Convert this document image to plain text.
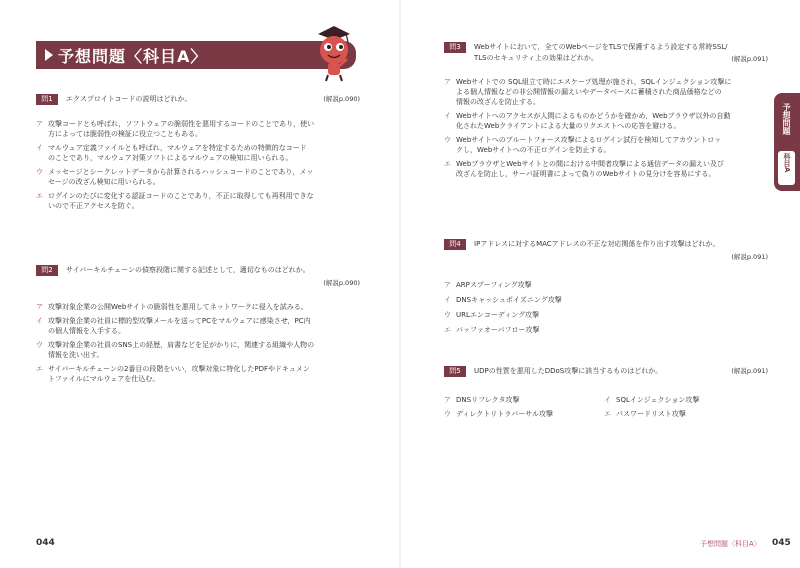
予想問題〈科目A〉
問1	エクスプロイトコードの説明はどれか。	(解説p.090)
ア 攻撃コードとも呼ばれ，ソフトウェアの脆弱性を悪用するコードのことであり，使い
方によっては脆弱性の検証に役立つこともある。
イ マルウェア定義ファイルとも呼ばれ，マルウェアを特定するための特徴的なコード
のことであり，マルウェア対策ソフトによるマルウェアの検知に用いられる。
ウ メッセージとシークレットデータから計算されるハッシュコードのことであり，メッ
セージの改ざん検知に用いられる。
エ ログインのたびに変化する認証コードのことであり，不正に取得しても再利用できな
いので不正アクセスを防ぐ。
問2	サイバーキルチェーンの偵察段階に関する記述として，適切なものはどれか。
(解説p.090)
ア 攻撃対象企業の公開Webサイトの脆弱性を悪用してネットワークに侵入を試みる。
イ 攻撃対象企業の社員に標的型攻撃メールを送ってPCをマルウェアに感染させ，PC内
の個人情報を入手する。
ウ 攻撃対象企業の社員のSNS上の経歴，肩書などを足がかりに，関連する組織や人物の
情報を洗い出す。
エ サイバーキルチェーンの2番目の段階をいい，攻撃対象に特化したPDFやドキュメン
トファイルにマルウェアを仕込む。
044
問3	Webサイトにおいて，全てのWebページをTLSで保護するよう設定する常時SSL/
TLSのセキュリティ上の効果はどれか。	(解説p.091)
ア Webサイトでの SQL組立て時にエスケープ処理が施され，SQLインジェクション攻撃に
よる個人情報などの非公開情報の漏えいやデータベースに蓄積された商品価格などの
情報の改ざんを防止する。
イ Webサイトへのアクセスが人間によるものかどうかを確かめ，Webブラウザ以外の自動
化されたWebクライアントによる大量のリクエストへの応答を避ける。
ウ Webサイトへのブルートフォース攻撃によるログイン試行を検知してアカウントロッ
クし，Webサイトへの不正ログインを防止する。
エ WebブラウザとWebサイトとの間における中間者攻撃による通信データの漏えい及び
改ざんを防止し，サーバ証明書によって偽りのWebサイトの見分けを容易にする。
問4	IPアドレスに対するMACアドレスの不正な対応関係を作り出す攻撃はどれか。
(解説p.091)
ア ARPスプーフィング攻撃
イ DNSキャッシュポイズニング攻撃
ウ URLエンコーディング攻撃
エ バッファオーバフロー攻撃
問5	UDPの性質を悪用したDDoS攻撃に該当するものはどれか。	(解説p.091)
ア DNSリフレクタ攻撃	イ SQLインジェクション攻撃
ウ ディレクトリトラバーサル攻撃	エ パスワードリスト攻撃
予想問題〈科目A〉 045
予想問題
科目A
